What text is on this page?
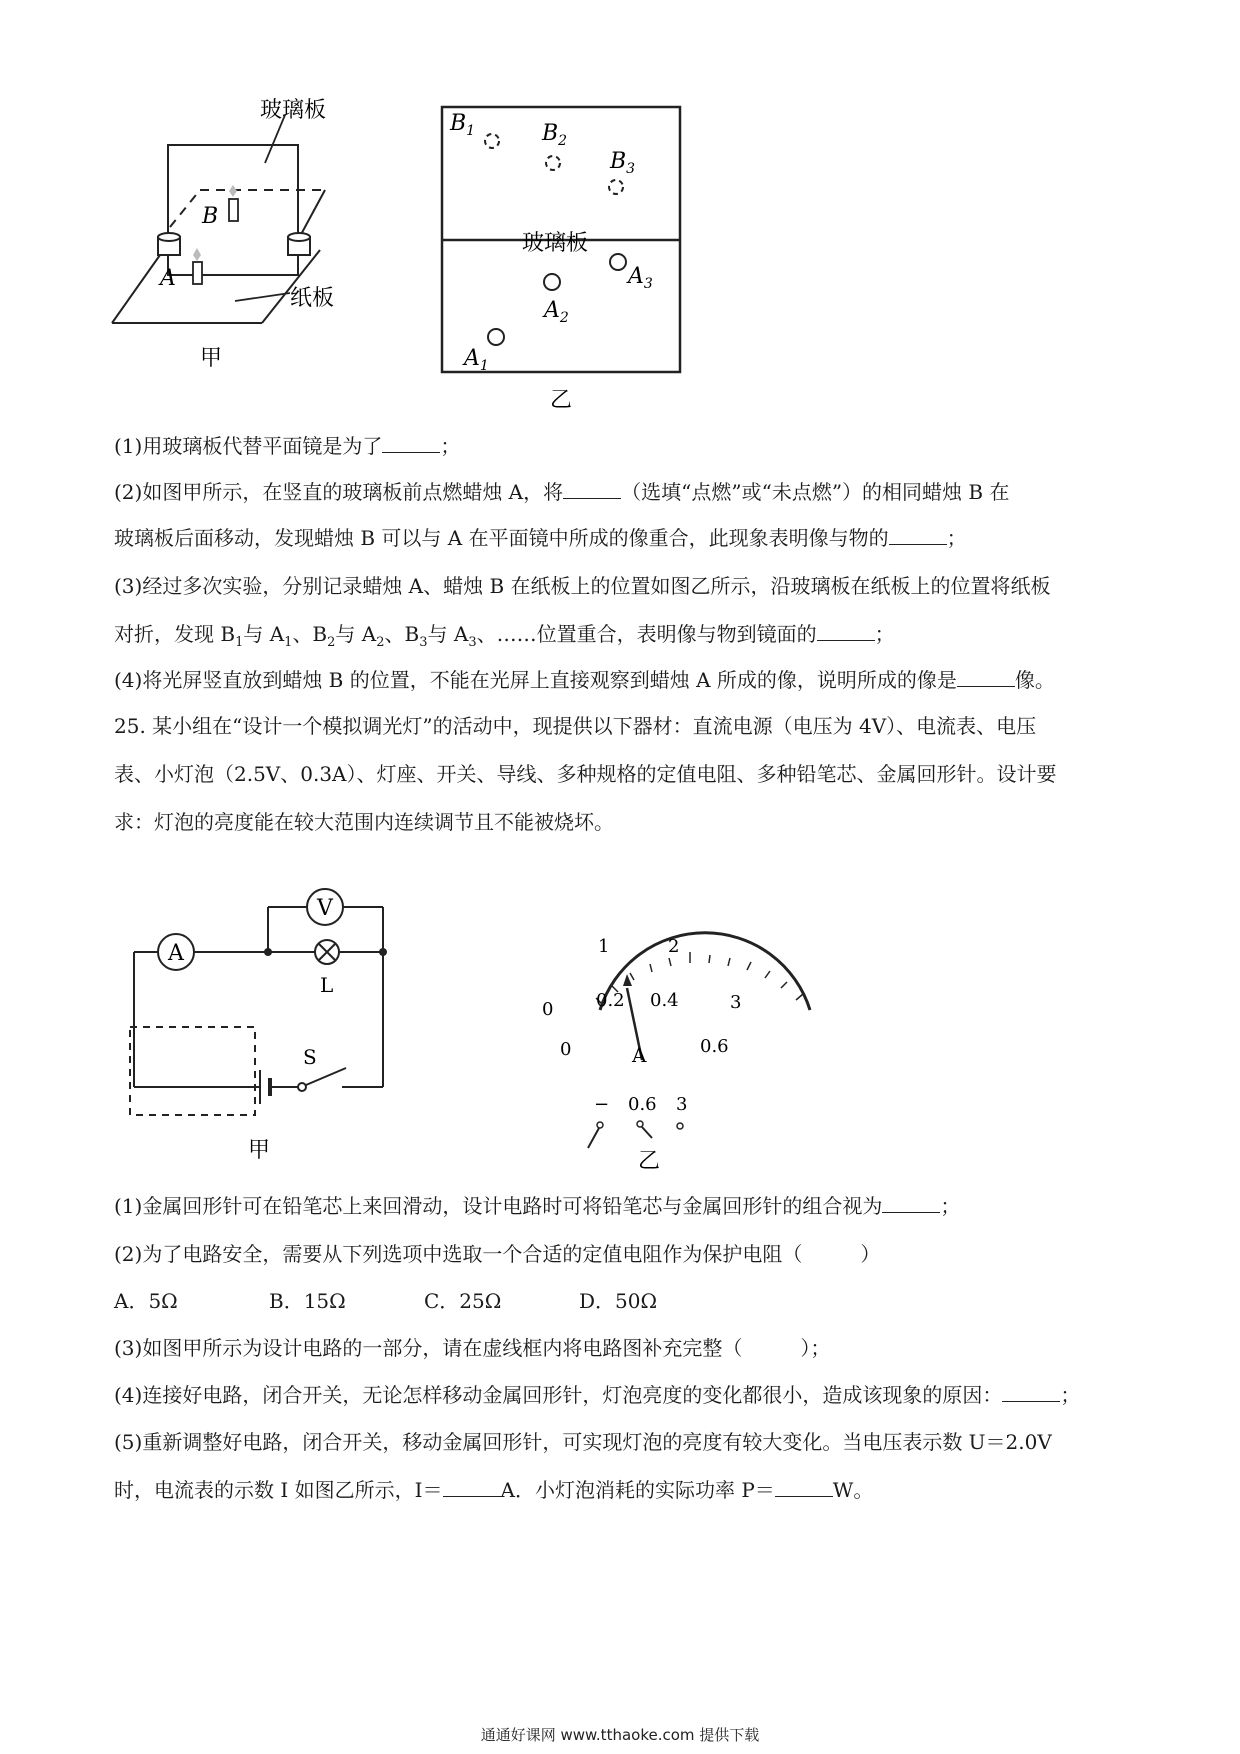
玻璃板
纸板
B
A
甲
玻璃板
$B_1$	$B_2$
$B_3$
$A_1$
$A_2$
$A_3$
乙
(1)用玻璃板代替平面镜是为了	；
(2)如图甲所示，在竖直的玻璃板前点燃蜡烛 A，将	（选填“点燃”或“未点燃”）的相同蜡烛 B 在
玻璃板后面移动，发现蜡烛 B 可以与 A 在平面镜中所成的像重合，此现象表明像与物的	；
(3)经过多次实验，分别记录蜡烛 A、蜡烛 B 在纸板上的位置如图乙所示，沿玻璃板在纸板上的位置将纸板
对折，发现 $B_1$与 $A_1$、$B_2$与 $A_2$、$B_3$与 $A_3$、……位置重合，表明像与物到镜面的	；
(4)将光屏竖直放到蜡烛 B 的位置，不能在光屏上直接观察到蜡烛 A 所成的像，说明所成的像是	像。
25. 某小组在“设计一个模拟调光灯”的活动中，现提供以下器材：直流电源（电压为 4V）、电流表、电压
表、小灯泡（2.5V、0.3A）、灯座、开关、导线、多种规格的定值电阻、多种铅笔芯、金属回形针。设计要
求：灯泡的亮度能在较大范围内连续调节且不能被烧坏。
A
V
L
S
甲
0
1	2
3
0
0.2 0.4
0.6
A
− 0.6 3
乙
(1)金属回形针可在铅笔芯上来回滑动，设计电路时可将铅笔芯与金属回形针的组合视为	；
(2)为了电路安全，需要从下列选项中选取一个合适的定值电阻作为保护电阻（	）
A．5Ω	B．15Ω	C．25Ω	D．50Ω
(3)如图甲所示为设计电路的一部分，请在虚线框内将电路图补充完整（	）；
(4)连接好电路，闭合开关，无论怎样移动金属回形针，灯泡亮度的变化都很小，造成该现象的原因：	；
(5)重新调整好电路，闭合开关，移动金属回形针，可实现灯泡的亮度有较大变化。当电压表示数 U＝2.0V
时，电流表的示数 I 如图乙所示，I＝	A．小灯泡消耗的实际功率 P＝	W。
通通好课网 www.tthaoke.com 提供下载
